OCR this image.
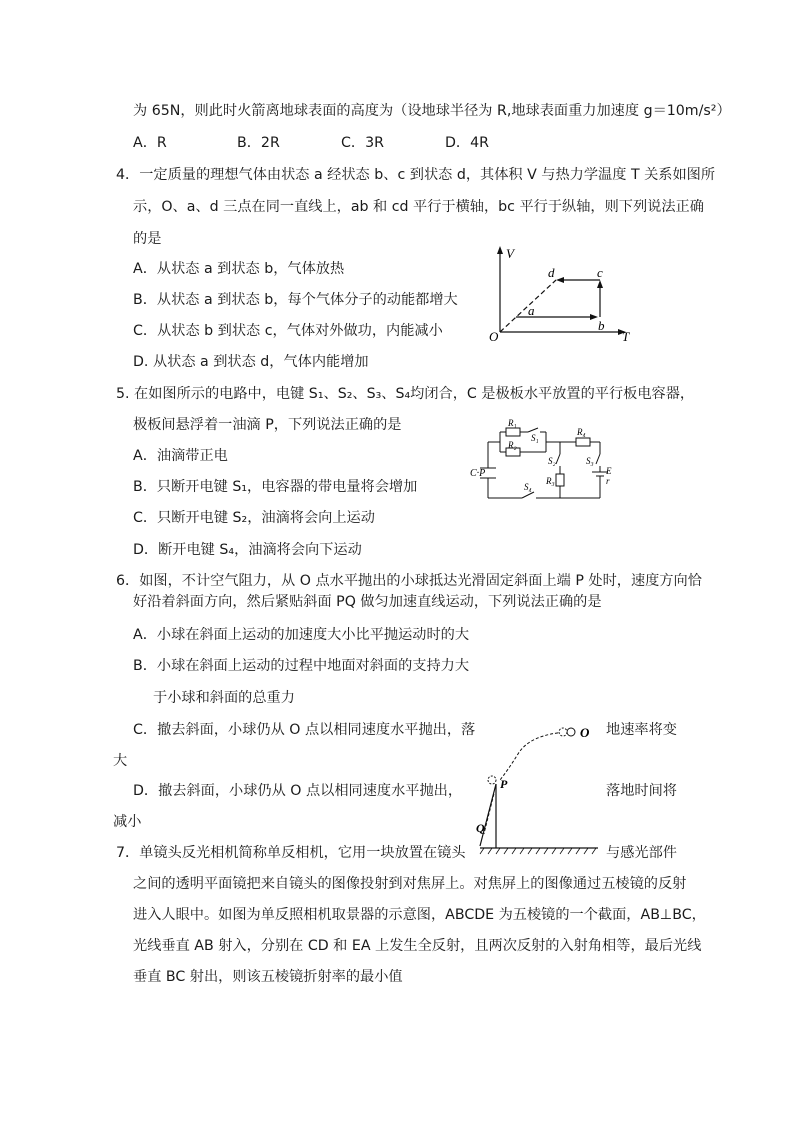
为 65N，则此时火箭离地球表面的高度为（设地球半径为 R,地球表面重力加速度 g＝10m/s²）
A．R	B．2R	C．3R	D．4R
4．一定质量的理想气体由状态 a 经状态 b、c 到状态 d，其体积 V 与热力学温度 T 关系如图所
示，O、a、d 三点在同一直线上，ab 和 cd 平行于横轴，bc 平行于纵轴，则下列说法正确
的是
A．从状态 a 到状态 b，气体放热
B．从状态 a 到状态 b，每个气体分子的动能都增大
C．从状态 b 到状态 c，气体对外做功，内能减小
D. 从状态 a 到状态 d，气体内能增加
V
T
O
a
b
c
d
5. 在如图所示的电路中，电键 S₁、S₂、S₃、S₄均闭合，C 是极板水平放置的平行板电容器，
极板间悬浮着一油滴 P，下列说法正确的是
A．油滴带正电
B．只断开电键 S₁，电容器的带电量将会增加
C．只断开电键 S₂，油滴将会向上运动
D．断开电键 S₄，油滴将会向下运动
R₁
S₁
R₂
R₄
S₂	S₃
R₃
C·P	E
r
S₄
6．如图，不计空气阻力，从 O 点水平抛出的小球抵达光滑固定斜面上端 P 处时，速度方向恰
好沿着斜面方向，然后紧贴斜面 PQ 做匀加速直线运动，下列说法正确的是
A．小球在斜面上运动的加速度大小比平抛运动时的大
B．小球在斜面上运动的过程中地面对斜面的支持力大
于小球和斜面的总重力
C．撤去斜面，小球仍从 O 点以相同速度水平抛出，落	地速率将变
大
D．撤去斜面，小球仍从 O 点以相同速度水平抛出，	落地时间将
减小
O
P
Q
7．单镜头反光相机简称单反相机，它用一块放置在镜头	与感光部件
之间的透明平面镜把来自镜头的图像投射到对焦屏上。对焦屏上的图像通过五棱镜的反射
进入人眼中。如图为单反照相机取景器的示意图，ABCDE 为五棱镜的一个截面，AB⊥BC，
光线垂直 AB 射入，分别在 CD 和 EA 上发生全反射，且两次反射的入射角相等，最后光线
垂直 BC 射出，则该五棱镜折射率的最小值
